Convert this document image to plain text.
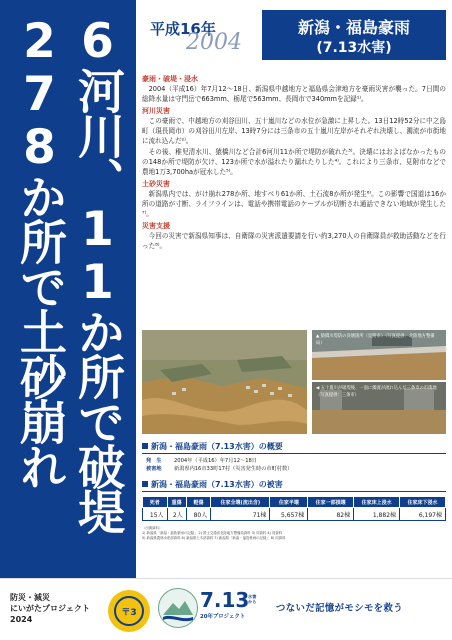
6河川、11か所で破堤
278か所で土砂崩れ	平成16年
2004
新潟・福島豪雨
(7.13水害)
豪雨・破堤・浸水

2004（平成16）年7月12〜18日、新潟県中越地方と福島県会津地方を豪雨災害が襲った。7日間の総降水量は守門岳で663mm、栃尾で563mm、長岡市で340mmを記録¹⁾。

河川災害

この豪雨で、中越地方の刈谷田川、五十嵐川などの水位が急激に上昇した。13日12時52分に中之島町（現長岡市）の刈谷田川左岸、13時7分には三条市の五十嵐川左岸がそれぞれ決壊し、濁流が市街地に流れ込んだ²⁾。

その後、稚児清水川、猿橋川など合計6河川11か所で堤防が破れた³⁾。決壊にはおよばなかったものの148か所で堤防が欠け、123か所で水が溢れたり漏れたりした⁴⁾。これにより三条市、見附市などで農地1万3,700haが冠水した⁵⁾。

土砂災害

新潟県内では、がけ崩れ278か所、地すべり61か所、土石流8か所が発生⁶⁾。この影響で国道は16か所の道路が寸断、ライフラインは、電話や携帯電話のケーブルが切断され通話できない地域が発生した⁷⁾。

災害支援

今回の災害で新潟県知事は、自衛隊の災害派遣要請を行い約3,270人の自衛隊員が救助活動などを行った⁸⁾。

▲ 猿橋川堤防の決壊箇所（見附市）（写真提供：北陸地方整備局）
◀ 五十嵐川が破堤後、一面に濁流が流れ込んだ三条市の市街地（写真提供：三条市）
新潟・福島豪雨（7.13水害）の概要
発　生 2004年（平成16）年7月12〜18日
被害地 新潟県内16市33町17村（災害発生時の市町村数）
新潟・福島豪雨（7.13水害）の被害
死者	重傷	軽傷	住家全壊(流出含)	住家半壊	住家一部損壊	住家床上浸水	住家床下浸水
15人	2人	80人	71棟	5,657棟	82棟	1,882棟	6,197棟
（出典資料）
1) 新潟県「新潟・福島豪雨の記録」 2) 国土交通省北陸地方整備局資料 3) 同資料 4) 同資料
5) 新潟県農林水産部資料 6) 新潟県土木部資料 7) 新潟県「新潟・福島豪雨の記録」 8) 同資料
防災・減災
にいがたプロジェクト
2024
〒3
7.13
水害
から
20年プロジェクト
つないだ記憶がモシモを救う
